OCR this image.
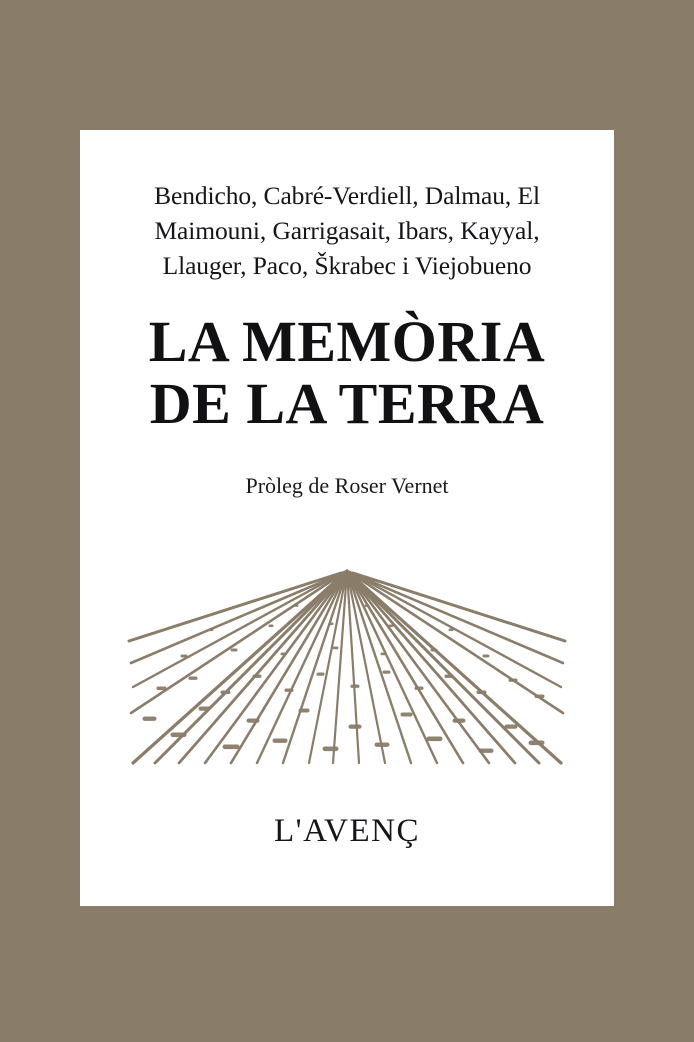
Bendicho, Cabré-Verdiell, Dalmau, El Maimouni, Garrigasait, Ibars, Kayyal, Llauger, Paco, Škrabec i Viejobueno
LA MEMÒRIA
DE LA TERRA
Pròleg de Roser Vernet
L'AVENÇ
